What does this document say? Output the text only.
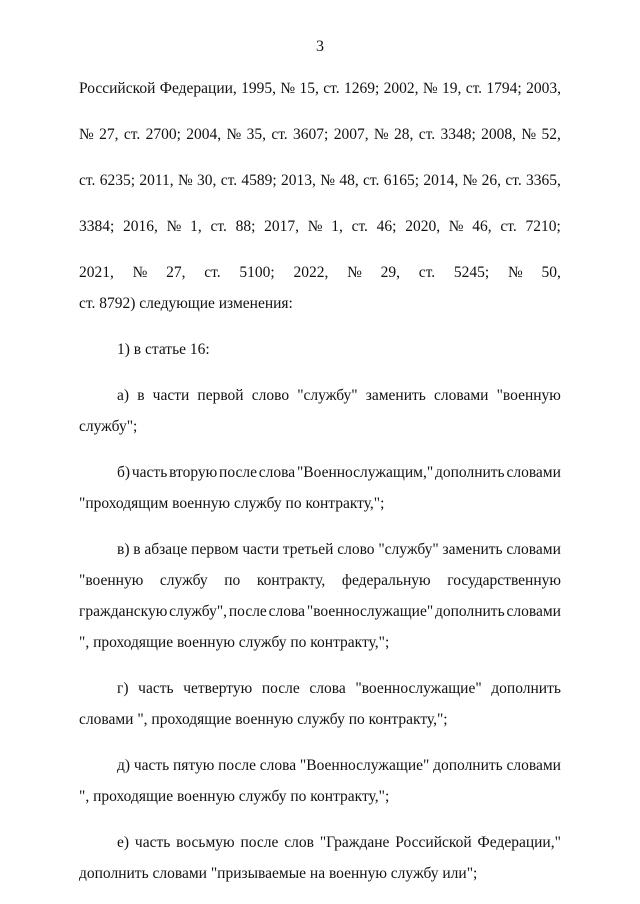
3
Российской Федерации, 1995, № 15, ст. 1269; 2002, № 19, ст. 1794; 2003,
№ 27, ст. 2700; 2004, № 35, ст. 3607; 2007, № 28, ст. 3348; 2008, № 52,
ст. 6235; 2011, № 30, ст. 4589; 2013, № 48, ст. 6165; 2014, № 26, ст. 3365,
3384; 2016, № 1, ст. 88; 2017, № 1, ст. 46; 2020, № 46, ст. 7210;
2021, № 27, ст. 5100; 2022, № 29, ст. 5245; № 50,
ст. 8792) следующие изменения:
1) в статье 16:
а) в части первой слово "службу" заменить словами "военную
службу";
б) часть вторую после слова "Военнослужащим," дополнить словами
"проходящим военную службу по контракту,";
в) в абзаце первом части третьей слово "службу" заменить словами
"военную службу по контракту, федеральную государственную
гражданскую службу", после слова "военнослужащие" дополнить словами
", проходящие военную службу по контракту,";
г) часть четвертую после слова "военнослужащие" дополнить
словами ", проходящие военную службу по контракту,";
д) часть пятую после слова "Военнослужащие" дополнить словами
", проходящие военную службу по контракту,";
е) часть восьмую после слов "Граждане Российской Федерации,"
дополнить словами "призываемые на военную службу или";
